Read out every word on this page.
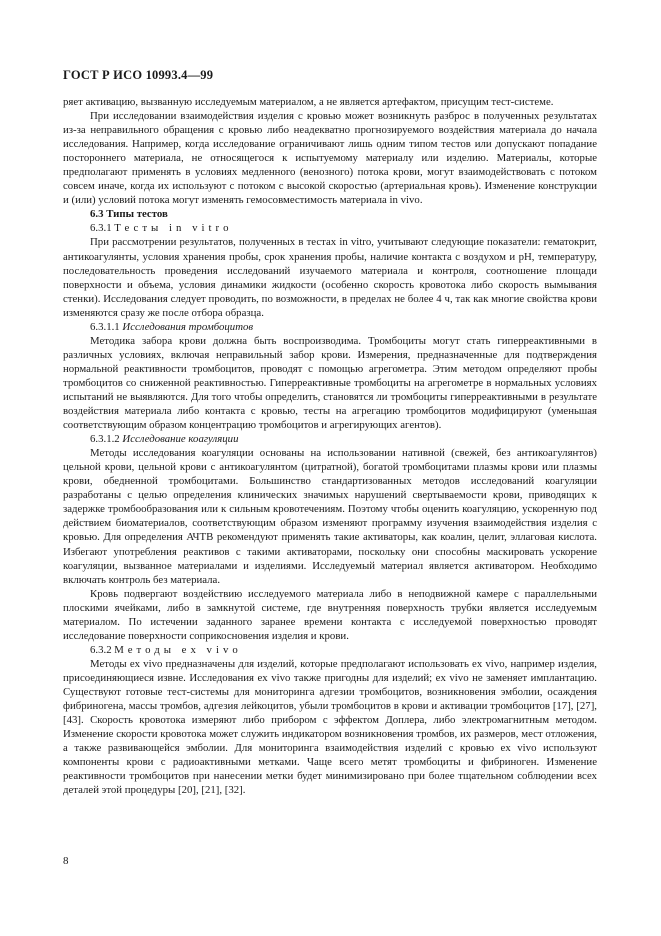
ГОСТ Р ИСО 10993.4—99

ряет активацию, вызванную исследуемым материалом, а не является артефактом, присущим тест-системе.

При исследовании взаимодействия изделия с кровью может возникнуть разброс в полученных результатах из-за неправильного обращения с кровью либо неадекватно прогнозируемого воздействия материала до начала исследования. Например, когда исследование ограничивают лишь одним типом тестов или допускают попадание постороннего материала, не относящегося к испытуемому материалу или изделию. Материалы, которые предполагают применять в условиях медленного (венозного) потока крови, могут взаимодействовать с потоком совсем иначе, когда их используют с потоком с высокой скоростью (артериальная кровь). Изменение конструкции и (или) условий потока могут изменять гемосовместимость материала in vivo.

6.3 Типы тестов
6.3.1 Тесты in vitro

При рассмотрении результатов, полученных в тестах in vitro, учитывают следующие показатели: гематокрит, антикоагулянты, условия хранения пробы, срок хранения пробы, наличие контакта с воздухом и pH, температуру, последовательность проведения исследований изучаемого материала и контроля, соотношение площади поверхности и объема, условия динамики жидкости (особенно скорость кровотока либо скорость вымывания стенки). Исследования следует проводить, по возможности, в пределах не более 4 ч, так как многие свойства крови изменяются сразу же после отбора образца.

6.3.1.1 Исследования тромбоцитов

Методика забора крови должна быть воспроизводима. Тромбоциты могут стать гиперреактивными в различных условиях, включая неправильный забор крови. Измерения, предназначенные для подтверждения нормальной реактивности тромбоцитов, проводят с помощью агрегометра. Этим методом определяют пробы тромбоцитов со сниженной реактивностью. Гиперреактивные тромбоциты на агрегометре в нормальных условиях испытаний не выявляются. Для того чтобы определить, становятся ли тромбоциты гиперреактивными в результате воздействия материала либо контакта с кровью, тесты на агрегацию тромбоцитов модифицируют (уменьшая соответствующим образом концентрацию тромбоцитов и агрегирующих агентов).

6.3.1.2 Исследование коагуляции

Методы исследования коагуляции основаны на использовании нативной (свежей, без антикоагулянтов) цельной крови, цельной крови с антикоагулянтом (цитратной), богатой тромбоцитами плазмы крови или плазмы крови, обедненной тромбоцитами. Большинство стандартизованных методов исследований коагуляции разработаны с целью определения клинических значимых нарушений свертываемости крови, приводящих к задержке тромбообразования или к сильным кровотечениям. Поэтому чтобы оценить коагуляцию, ускоренную под действием биоматериалов, соответствующим образом изменяют программу изучения взаимодействия изделия с кровью. Для определения АЧТВ рекомендуют применять такие активаторы, как коалин, целит, эллаговая кислота. Избегают употребления реактивов с такими активаторами, поскольку они способны маскировать ускорение коагуляции, вызванное материалами и изделиями. Исследуемый материал является активатором. Необходимо включать контроль без материала.

Кровь подвергают воздействию исследуемого материала либо в неподвижной камере с параллельными плоскими ячейками, либо в замкнутой системе, где внутренняя поверхность трубки является исследуемым материалом. По истечении заданного заранее времени контакта с исследуемой поверхностью проводят исследование поверхности соприкосновения изделия и крови.

6.3.2 Методы ex vivo

Методы ex vivo предназначены для изделий, которые предполагают использовать ex vivo, например изделия, присоединяющиеся извне. Исследования ex vivo также пригодны для изделий; ex vivo не заменяет имплантацию. Существуют готовые тест-системы для мониторинга адгезии тромбоцитов, возникновения эмболии, осаждения фибриногена, массы тромбов, адгезия лейкоцитов, убыли тромбоцитов в крови и активации тромбоцитов [17], [27], [43]. Скорость кровотока измеряют либо прибором с эффектом Доплера, либо электромагнитным методом. Изменение скорости кровотока может служить индикатором возникновения тромбов, их размеров, мест отложения, а также развивающейся эмболии. Для мониторинга взаимодействия изделий с кровью ex vivo используют компоненты крови с радиоактивными метками. Чаще всего метят тромбоциты и фибриноген. Изменение реактивности тромбоцитов при нанесении метки будет минимизировано при более тщательном соблюдении всех деталей этой процедуры [20], [21], [32].

8
